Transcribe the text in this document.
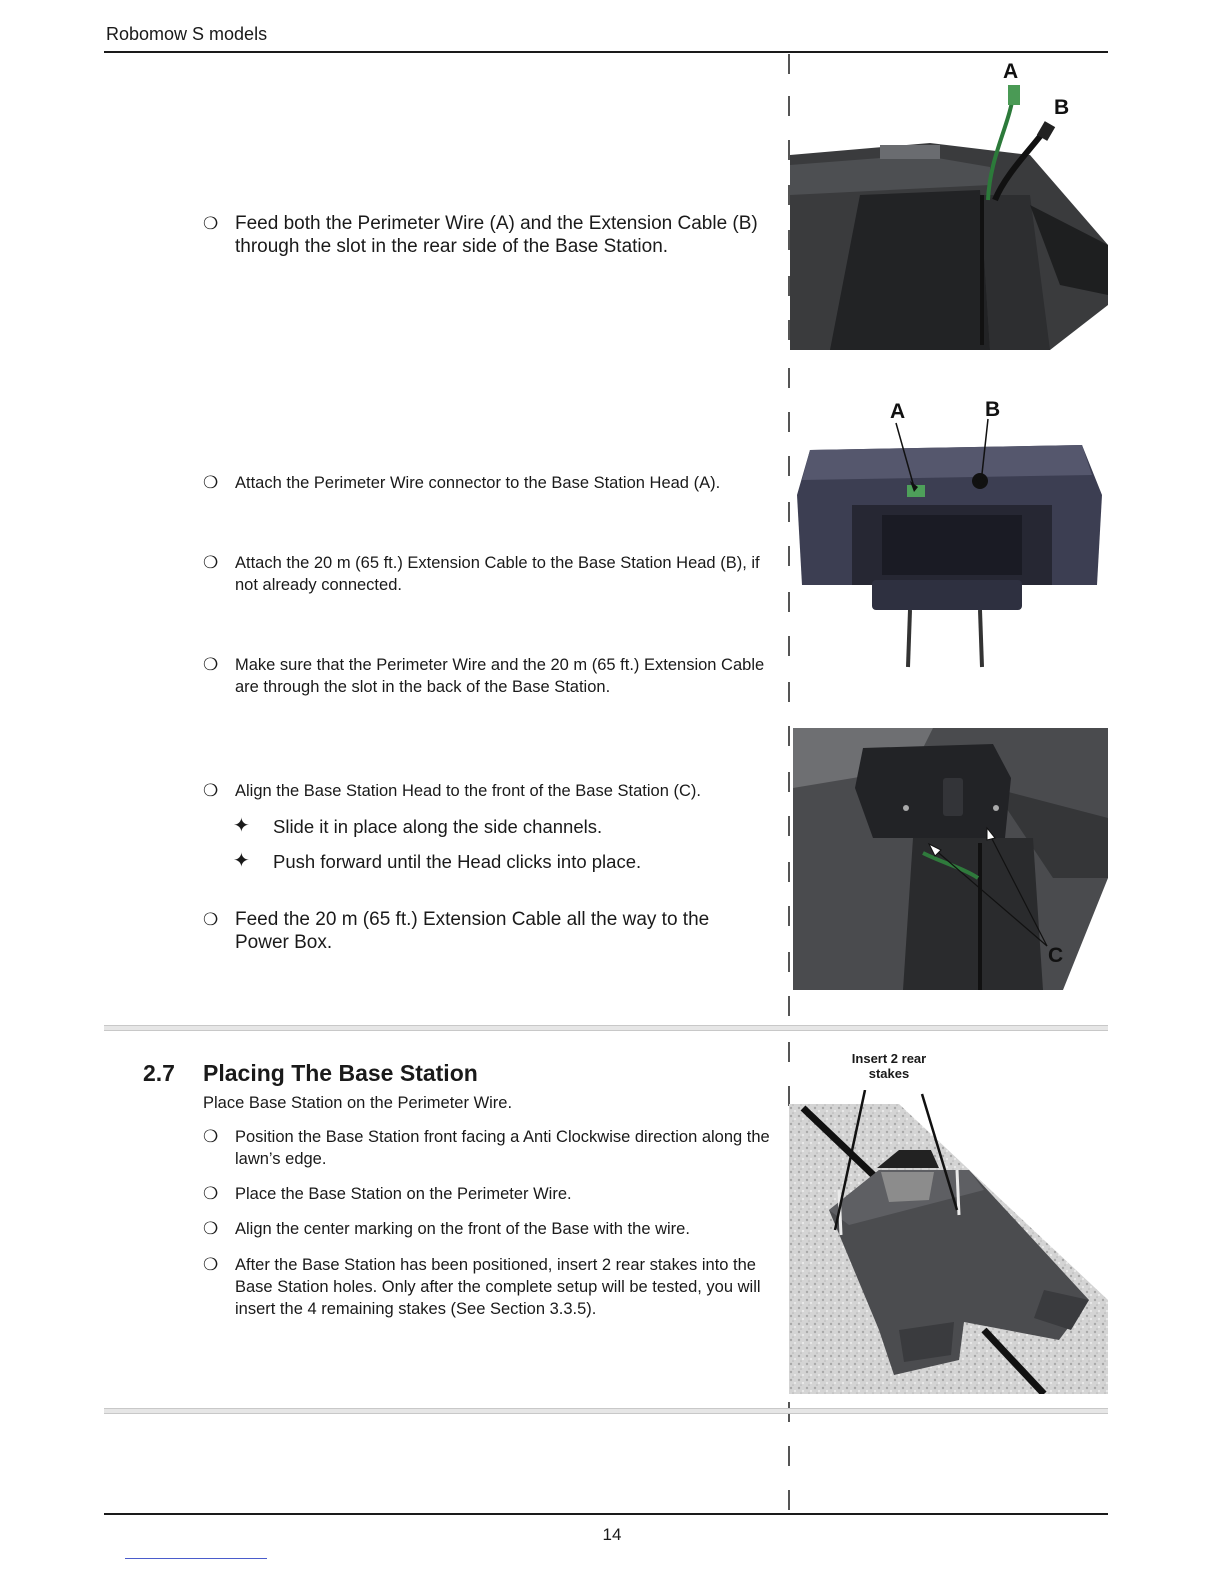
Robomow S models
❍ Feed both the Perimeter Wire (A) and the Extension Cable (B) through the slot in the rear side of the Base Station.
A
B
❍ Attach the Perimeter Wire connector to the Base Station Head (A).
❍ Attach the 20 m (65 ft.) Extension Cable to the Base Station Head (B), if not already connected.
❍ Make sure that the Perimeter Wire and the 20 m (65 ft.) Extension Cable are through the slot in the back of the Base Station.
A	B
❍ Align the Base Station Head to the front of the Base Station (C).
✦ Slide it in place along the side channels.
✦ Push forward until the Head clicks into place.
❍ Feed the 20 m (65 ft.) Extension Cable all the way to the Power Box.
C
2.7 Placing The Base Station
Place Base Station on the Perimeter Wire.
❍ Position the Base Station front facing a Anti Clockwise direction along the lawn’s edge.
❍ Place the Base Station on the Perimeter Wire.
❍ Align the center marking on the front of the Base with the wire.
❍ After the Base Station has been positioned, insert 2 rear stakes into the Base Station holes. Only after the complete setup will be tested, you will insert the 4 remaining stakes (See Section 3.3.5).
Insert 2 rear stakes
14
